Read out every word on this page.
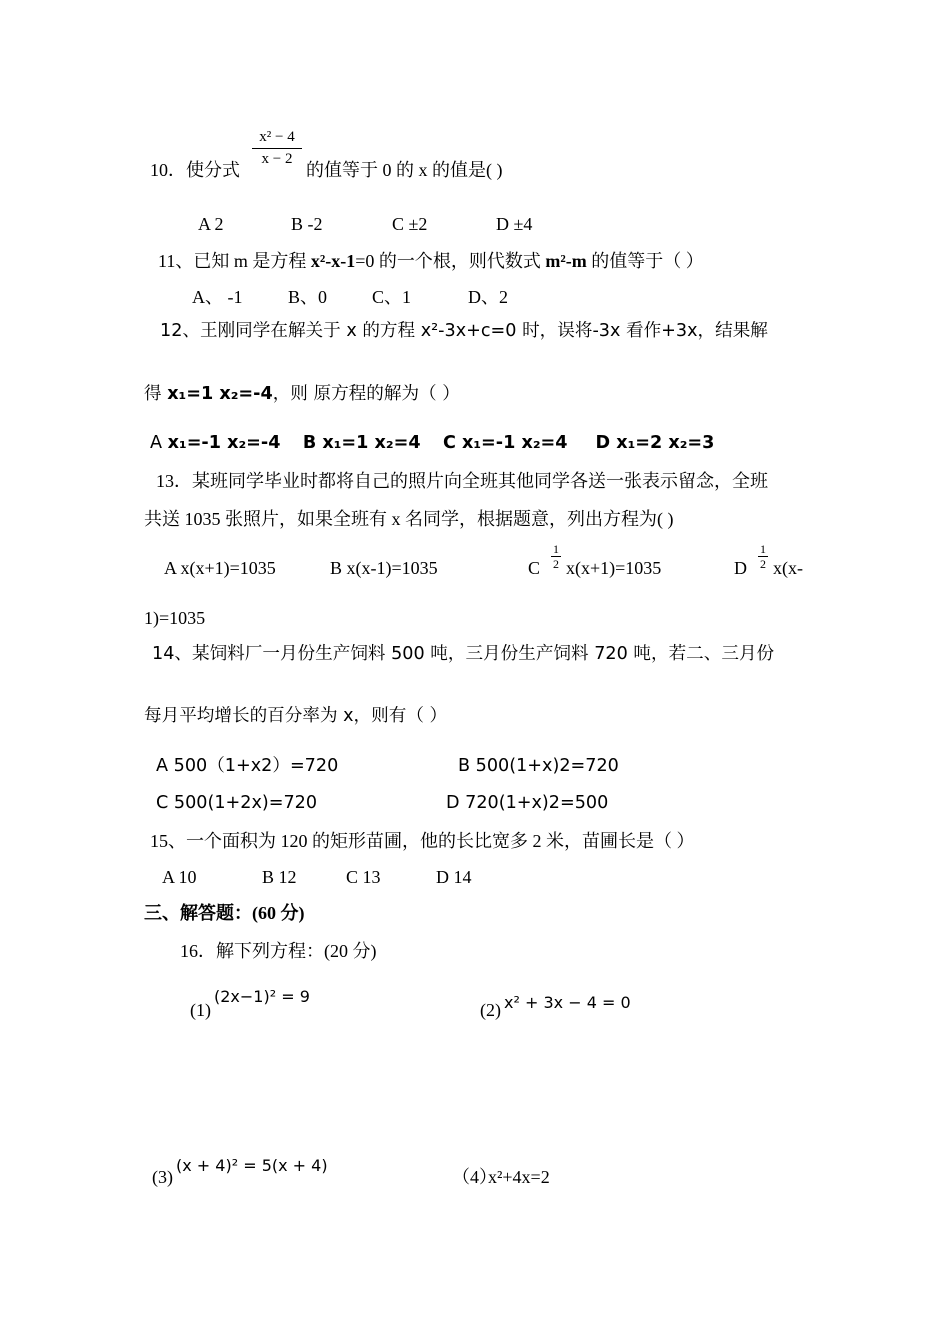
10．使分式
x² − 4
x − 2
的值等于 0 的 x 的值是( )
A 2	B -2	C ±2	D ±4
11、已知 m 是方程 x²-x-1=0 的一个根，则代数式 m²-m 的值等于（ ）
A、 -1	B、0 C、1	D、2
12、王刚同学在解关于 x 的方程 x²-3x+c=0 时，误将-3x 看作+3x，结果解
得 x₁=1 x₂=-4，则 原方程的解为（ ）
A x₁=-1 x₂=-4 B x₁=1 x₂=4 C x₁=-1 x₂=4 D x₁=2 x₂=3
13．某班同学毕业时都将自己的照片向全班其他同学各送一张表示留念，全班
共送 1035 张照片，如果全班有 x 名同学，根据题意，列出方程为( )
A x(x+1)=1035	B x(x-1)=1035	C
1
2 x(x+1)=1035	D
1
2 x(x-
1)=1035
14、某饲料厂一月份生产饲料 500 吨，三月份生产饲料 720 吨，若二、三月份
每月平均增长的百分率为 x，则有（ ）
A 500（1+x2）=720	B 500(1+x)2=720
C 500(1+2x)=720	D 720(1+x)2=500
15、一个面积为 120 的矩形苗圃，他的长比宽多 2 米，苗圃长是（ ）
A 10	B 12	C 13	D 14
三、解答题：(60 分)
16．解下列方程：(20 分)
(1)
(2x−1)² = 9
(2) x² + 3x − 4 = 0
(3)
(x + 4)² = 5(x + 4)
（4）
x²+4x=2
